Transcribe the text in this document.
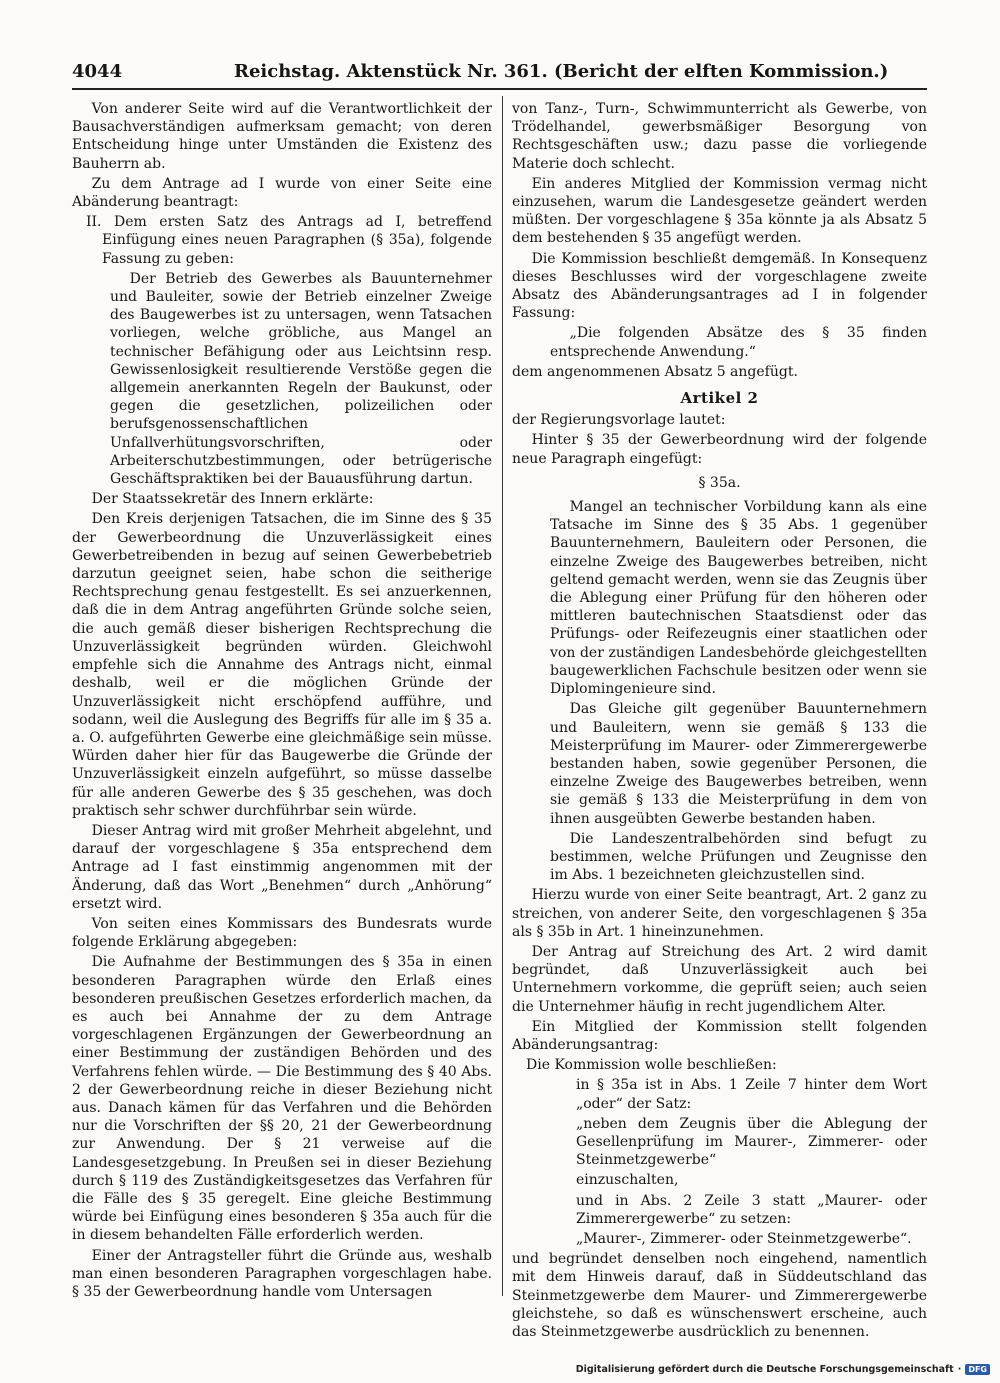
4044	Reichstag. Aktenstück Nr. 361. (Bericht der elften Kommission.)

Von anderer Seite wird auf die Verantwortlichkeit der Bausachverständigen aufmerksam gemacht; von deren Entscheidung hinge unter Umständen die Existenz des Bauherrn ab.

Zu dem Antrage ad I wurde von einer Seite eine Abänderung beantragt:

II. Dem ersten Satz des Antrags ad I, betreffend Einfügung eines neuen Paragraphen (§ 35a), folgende Fassung zu geben:

Der Betrieb des Gewerbes als Bauunternehmer und Bauleiter, sowie der Betrieb einzelner Zweige des Baugewerbes ist zu untersagen, wenn Tatsachen vorliegen, welche gröbliche, aus Mangel an technischer Befähigung oder aus Leichtsinn resp. Gewissenlosigkeit resultierende Verstöße gegen die allgemein anerkannten Regeln der Baukunst, oder gegen die gesetzlichen, polizeilichen oder berufsgenossenschaftlichen Unfallverhütungsvorschriften, oder Arbeiterschutzbestimmungen, oder betrügerische Geschäftspraktiken bei der Bauausführung dartun.

Der Staatssekretär des Innern erklärte:

Den Kreis derjenigen Tatsachen, die im Sinne des § 35 der Gewerbeordnung die Unzuverlässigkeit eines Gewerbetreibenden in bezug auf seinen Gewerbebetrieb darzutun geeignet seien, habe schon die seitherige Rechtsprechung genau festgestellt. Es sei anzuerkennen, daß die in dem Antrag angeführten Gründe solche seien, die auch gemäß dieser bisherigen Rechtsprechung die Unzuverlässigkeit begründen würden. Gleichwohl empfehle sich die Annahme des Antrags nicht, einmal deshalb, weil er die möglichen Gründe der Unzuverlässigkeit nicht erschöpfend aufführe, und sodann, weil die Auslegung des Begriffs für alle im § 35 a. a. O. aufgeführten Gewerbe eine gleichmäßige sein müsse. Würden daher hier für das Baugewerbe die Gründe der Unzuverlässigkeit einzeln aufgeführt, so müsse dasselbe für alle anderen Gewerbe des § 35 geschehen, was doch praktisch sehr schwer durchführbar sein würde.

Dieser Antrag wird mit großer Mehrheit abgelehnt, und darauf der vorgeschlagene § 35a entsprechend dem Antrage ad I fast einstimmig angenommen mit der Änderung, daß das Wort „Benehmen“ durch „Anhörung“ ersetzt wird.

Von seiten eines Kommissars des Bundesrats wurde folgende Erklärung abgegeben:

Die Aufnahme der Bestimmungen des § 35a in einen besonderen Paragraphen würde den Erlaß eines besonderen preußischen Gesetzes erforderlich machen, da es auch bei Annahme der zu dem Antrage vorgeschlagenen Ergänzungen der Gewerbeordnung an einer Bestimmung der zuständigen Behörden und des Verfahrens fehlen würde. — Die Bestimmung des § 40 Abs. 2 der Gewerbeordnung reiche in dieser Beziehung nicht aus. Danach kämen für das Verfahren und die Behörden nur die Vorschriften der §§ 20, 21 der Gewerbeordnung zur Anwendung. Der § 21 verweise auf die Landesgesetzgebung. In Preußen sei in dieser Beziehung durch § 119 des Zuständigkeitsgesetzes das Verfahren für die Fälle des § 35 geregelt. Eine gleiche Bestimmung würde bei Einfügung eines besonderen § 35a auch für die in diesem behandelten Fälle erforderlich werden.

Einer der Antragsteller führt die Gründe aus, weshalb man einen besonderen Paragraphen vorgeschlagen habe. § 35 der Gewerbeordnung handle vom Untersagen

von Tanz-, Turn-, Schwimmunterricht als Gewerbe, von Trödelhandel, gewerbsmäßiger Besorgung von Rechtsgeschäften usw.; dazu passe die vorliegende Materie doch schlecht.

Ein anderes Mitglied der Kommission vermag nicht einzusehen, warum die Landesgesetze geändert werden müßten. Der vorgeschlagene § 35a könnte ja als Absatz 5 dem bestehenden § 35 angefügt werden.

Die Kommission beschließt demgemäß. In Konsequenz dieses Beschlusses wird der vorgeschlagene zweite Absatz des Abänderungsantrages ad I in folgender Fassung:

„Die folgenden Absätze des § 35 finden entsprechende Anwendung.“

dem angenommenen Absatz 5 angefügt.

Artikel 2

der Regierungsvorlage lautet:

Hinter § 35 der Gewerbeordnung wird der folgende neue Paragraph eingefügt:

§ 35a.

Mangel an technischer Vorbildung kann als eine Tatsache im Sinne des § 35 Abs. 1 gegenüber Bauunternehmern, Bauleitern oder Personen, die einzelne Zweige des Baugewerbes betreiben, nicht geltend gemacht werden, wenn sie das Zeugnis über die Ablegung einer Prüfung für den höheren oder mittleren bautechnischen Staatsdienst oder das Prüfungs- oder Reifezeugnis einer staatlichen oder von der zuständigen Landesbehörde gleichgestellten baugewerklichen Fachschule besitzen oder wenn sie Diplomingenieure sind.

Das Gleiche gilt gegenüber Bauunternehmern und Bauleitern, wenn sie gemäß § 133 die Meisterprüfung im Maurer- oder Zimmerergewerbe bestanden haben, sowie gegenüber Personen, die einzelne Zweige des Baugewerbes betreiben, wenn sie gemäß § 133 die Meisterprüfung in dem von ihnen ausgeübten Gewerbe bestanden haben.

Die Landeszentralbehörden sind befugt zu bestimmen, welche Prüfungen und Zeugnisse den im Abs. 1 bezeichneten gleichzustellen sind.

Hierzu wurde von einer Seite beantragt, Art. 2 ganz zu streichen, von anderer Seite, den vorgeschlagenen § 35a als § 35b in Art. 1 hineinzunehmen.

Der Antrag auf Streichung des Art. 2 wird damit begründet, daß Unzuverlässigkeit auch bei Unternehmern vorkomme, die geprüft seien; auch seien die Unternehmer häufig in recht jugendlichem Alter.

Ein Mitglied der Kommission stellt folgenden Abänderungsantrag:

Die Kommission wolle beschließen:

in § 35a ist in Abs. 1 Zeile 7 hinter dem Wort „oder“ der Satz:

„neben dem Zeugnis über die Ablegung der Gesellenprüfung im Maurer-, Zimmerer- oder Steinmetzgewerbe“

einzuschalten,

und in Abs. 2 Zeile 3 statt „Maurer- oder Zimmerergewerbe“ zu setzen:

„Maurer-, Zimmerer- oder Steinmetzgewerbe“.

und begründet denselben noch eingehend, namentlich mit dem Hinweis darauf, daß in Süddeutschland das Steinmetzgewerbe dem Maurer- und Zimmerergewerbe gleichstehe, so daß es wünschenswert erscheine, auch das Steinmetzgewerbe ausdrücklich zu benennen.

Digitalisierung gefördert durch die Deutsche Forschungsgemeinschaft · DFG
